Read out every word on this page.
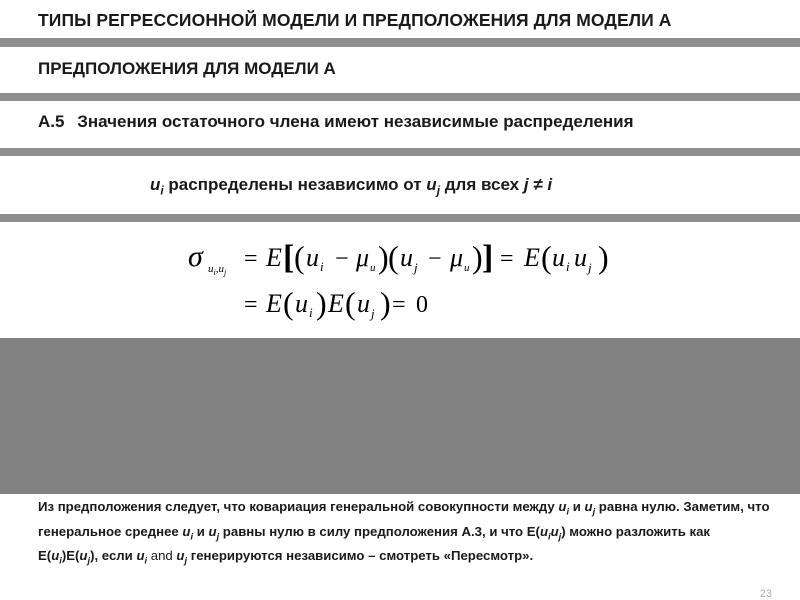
ТИПЫ РЕГРЕССИОННОЙ МОДЕЛИ И ПРЕДПОЛОЖЕНИЯ ДЛЯ МОДЕЛИ А
ПРЕДПОЛОЖЕНИЯ ДЛЯ МОДЕЛИ А
A.5 Значения остаточного члена имеют независимые распределения
$u_i$ распределены независимо от $u_j$ для всех j ≠ i
σ $u_i,u_j$
= E [ ( u i − μ u ) ( u j − μ u ) ] = E ( u i u j )
= E ( u i ) E ( u j ) = 0
Из предположения следует, что ковариация генеральной совокупности между $u_i$ и $u_j$ равна нулю. Заметим, что генеральное среднее $u_i$ и $u_j$ равны нулю в силу предположения A.3, и что $E(u_iu_j)$ можно разложить как $E(u_i)E(u_j)$, если $u_i$ and $u_j$ генерируются независимо – смотреть «Пересмотр».
23
